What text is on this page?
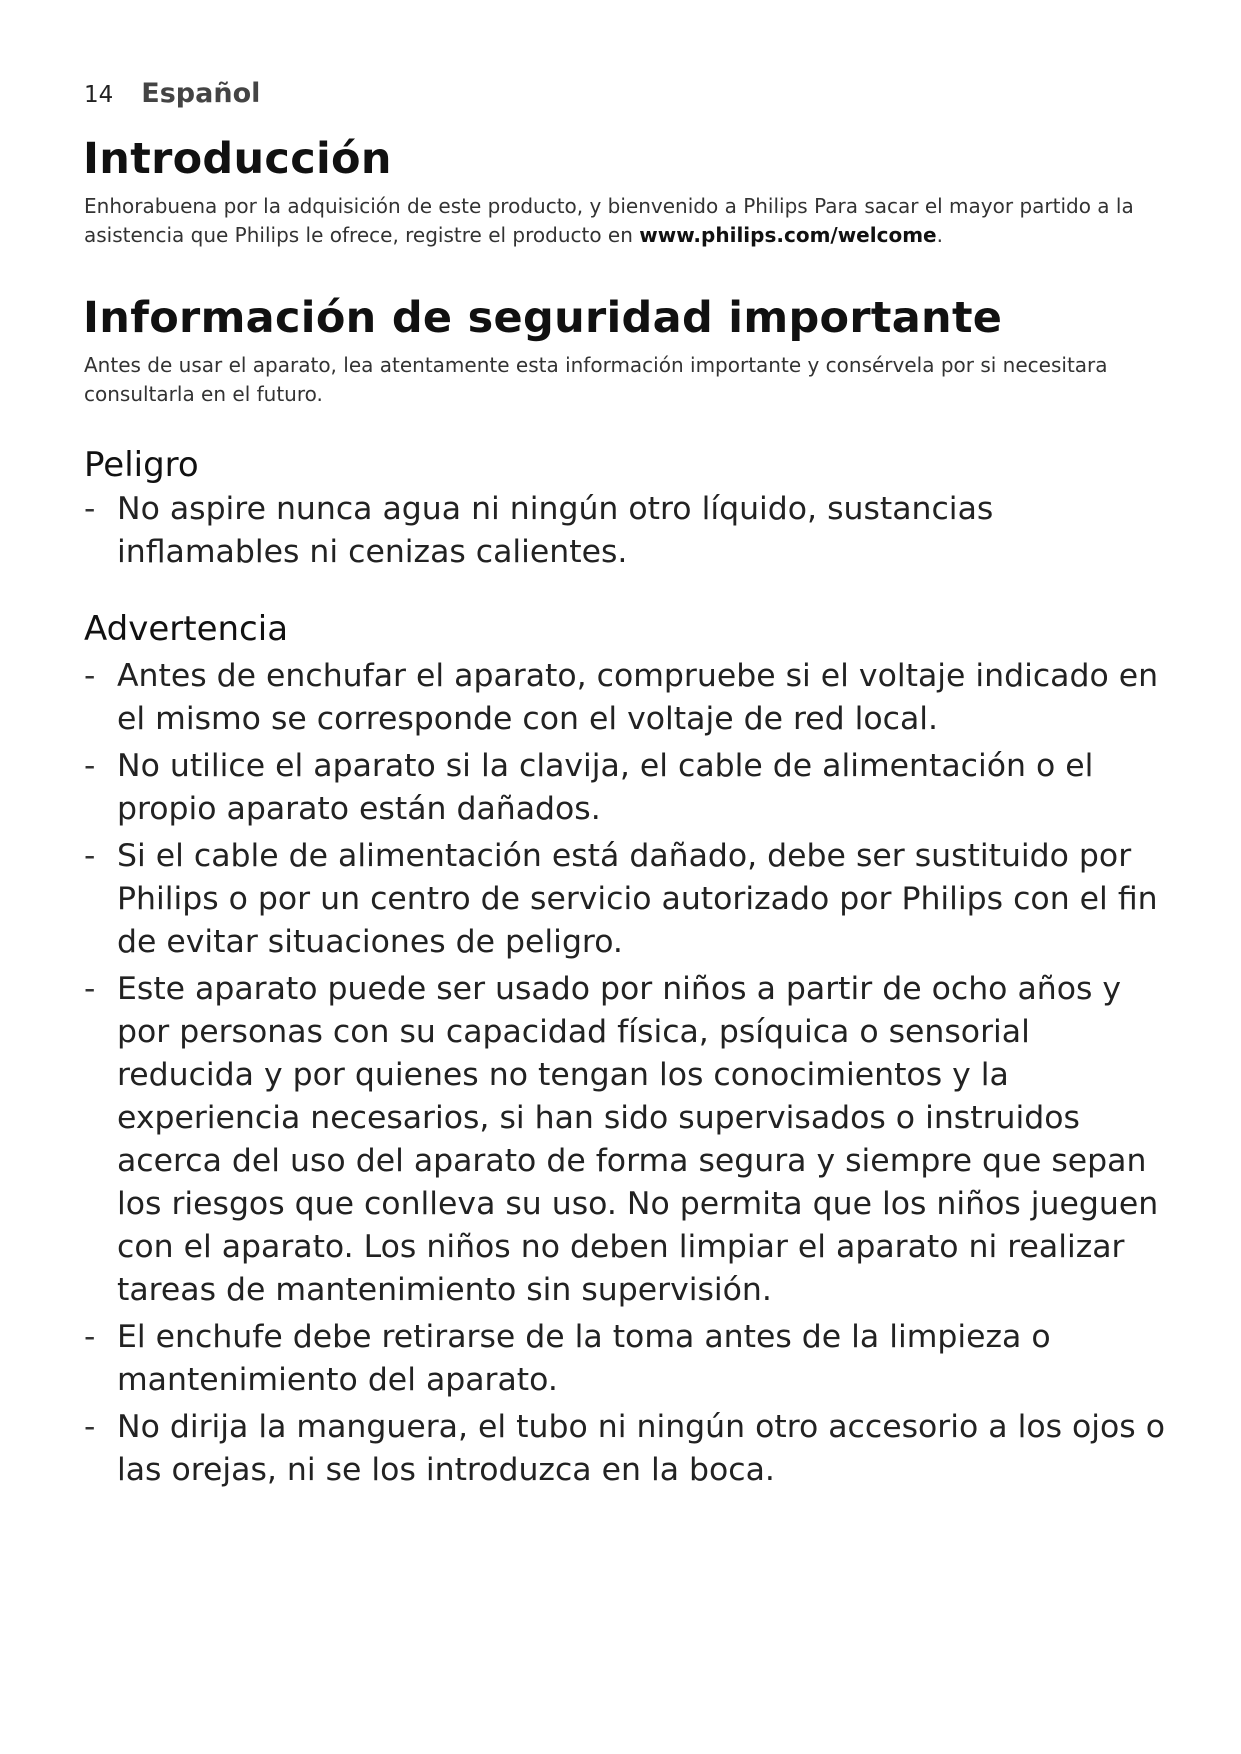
14 Español
Introducción

Enhorabuena por la adquisición de este producto, y bienvenido a Philips Para sacar el mayor partido a la asistencia que Philips le ofrece, registre el producto en www.philips.com/welcome.

Información de seguridad importante

Antes de usar el aparato, lea atentamente esta información importante y consérvela por si necesitara consultarla en el futuro.

Peligro
- No aspire nunca agua ni ningún otro líquido, sustancias inflamables ni cenizas calientes.
Advertencia
- Antes de enchufar el aparato, compruebe si el voltaje indicado en el mismo se corresponde con el voltaje de red local.
- No utilice el aparato si la clavija, el cable de alimentación o el propio aparato están dañados.
- Si el cable de alimentación está dañado, debe ser sustituido por Philips o por un centro de servicio autorizado por Philips con el fin de evitar situaciones de peligro.
- Este aparato puede ser usado por niños a partir de ocho años y por personas con su capacidad física, psíquica o sensorial reducida y por quienes no tengan los conocimientos y la experiencia necesarios, si han sido supervisados o instruidos acerca del uso del aparato de forma segura y siempre que sepan los riesgos que conlleva su uso. No permita que los niños jueguen con el aparato. Los niños no deben limpiar el aparato ni realizar tareas de mantenimiento sin supervisión.
- El enchufe debe retirarse de la toma antes de la limpieza o mantenimiento del aparato.
- No dirija la manguera, el tubo ni ningún otro accesorio a los ojos o las orejas, ni se los introduzca en la boca.
